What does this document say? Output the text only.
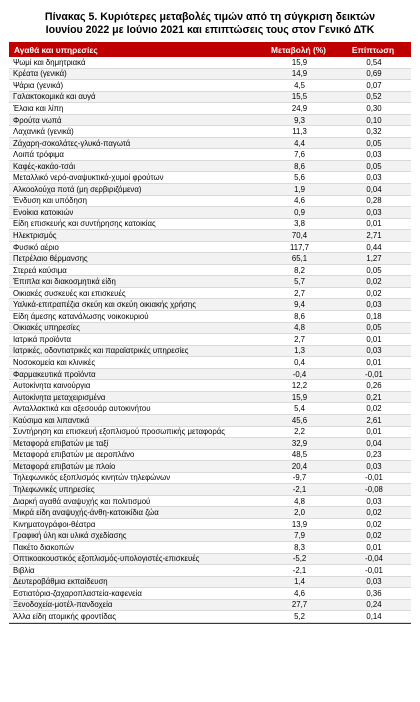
Πίνακας 5. Κυριότερες μεταβολές τιμών από τη σύγκριση δεικτών
Ιουνίου 2022 με Ιούνιο 2021 και επιπτώσεις τους στον Γενικό ΔΤΚ
Αγαθά και υπηρεσίες	Μεταβολή (%)	Επίπτωση
Ψωμί και δημητριακά	15,9	0,54
Κρέατα (γενικά)	14,9	0,69
Ψάρια (γενικά)	4,5	0,07
Γαλακτοκομικά και αυγά	15,5	0,52
Έλαια και λίπη	24,9	0,30
Φρούτα νωπά	9,3	0,10
Λαχανικά (γενικά)	11,3	0,32
Ζάχαρη-σοκολάτες-γλυκά-παγωτά	4,4	0,05
Λοιπά τρόφιμα	7,6	0,03
Καφές-κακάο-τσάι	8,6	0,05
Μεταλλικό νερό-αναψυκτικά-χυμοί φρούτων	5,6	0,03
Αλκοολούχα ποτά (μη σερβιριζόμενα)	1,9	0,04
Ένδυση και υπόδηση	4,6	0,28
Ενοίκια κατοικιών	0,9	0,03
Είδη επισκευής και συντήρησης κατοικίας	3,8	0,01
Ηλεκτρισμός	70,4	2,71
Φυσικό αέριο	117,7	0,44
Πετρέλαιο θέρμανσης	65,1	1,27
Στερεά καύσιμα	8,2	0,05
Έπιπλα και διακοσμητικά είδη	5,7	0,02
Οικιακές συσκευές και επισκευές	2,7	0,02
Υαλικά-επιτραπέζια σκεύη και σκεύη οικιακής χρήσης	9,4	0,03
Είδη άμεσης κατανάλωσης νοικοκυριού	8,6	0,18
Οικιακές υπηρεσίες	4,8	0,05
Ιατρικά προϊόντα	2,7	0,01
Ιατρικές, οδοντιατρικές και παραϊατρικές υπηρεσίες	1,3	0,03
Νοσοκομεία και κλινικές	0,4	0,01
Φαρμακευτικά προϊόντα	-0,4	-0,01
Αυτοκίνητα καινούργια	12,2	0,26
Αυτοκίνητα μεταχειρισμένα	15,9	0,21
Ανταλλακτικά και αξεσουάρ αυτοκινήτου	5,4	0,02
Καύσιμα και λιπαντικά	45,6	2,61
Συντήρηση και επισκευή εξοπλισμού προσωπικής μεταφοράς	2,2	0,01
Μεταφορά επιβατών με ταξί	32,9	0,04
Μεταφορά επιβατών με αεροπλάνο	48,5	0,23
Μεταφορά επιβατών με πλοίο	20,4	0,03
Τηλεφωνικός εξοπλισμός κινητών τηλεφώνων	-9,7	-0,01
Τηλεφωνικές υπηρεσίες	-2,1	-0,08
Διαρκή αγαθά αναψυχής και πολιτισμού	4,8	0,03
Μικρά είδη αναψυχής-άνθη-κατοικίδια ζώα	2,0	0,02
Κινηματογράφοι-θέατρα	13,9	0,02
Γραφική ύλη και υλικά σχεδίασης	7,9	0,02
Πακέτο διακοπών	8,3	0,01
Οπτικοακουστικός εξοπλισμός-υπολογιστές-επισκευές	-5,2	-0,04
Βιβλία	-2,1	-0,01
Δευτεροβάθμια εκπαίδευση	1,4	0,03
Εστιατόρια-ζαχαροπλαστεία-καφενεία	4,6	0,36
Ξενοδοχεία-μοτέλ-πανδοχεία	27,7	0,24
Άλλα είδη ατομικής φροντίδας	5,2	0,14
